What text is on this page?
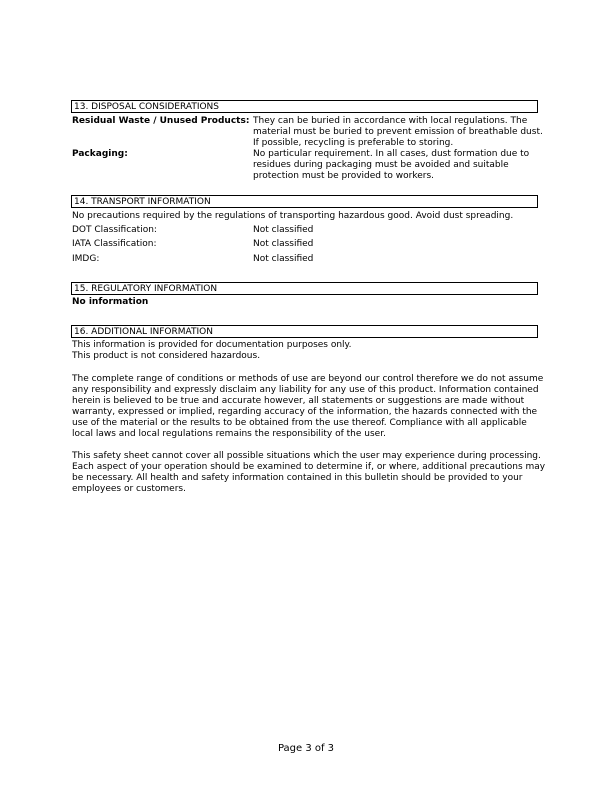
13. DISPOSAL CONSIDERATIONS
Residual Waste / Unused Products: They can be buried in accordance with local regulations. The
material must be buried to prevent emission of breathable dust.
If possible, recycling is preferable to storing.
Packaging:	No particular requirement. In all cases, dust formation due to
residues during packaging must be avoided and suitable
protection must be provided to workers.
14. TRANSPORT INFORMATION
No precautions required by the regulations of transporting hazardous good. Avoid dust spreading.
DOT Classification:	Not classified
IATA Classification:	Not classified
IMDG:	Not classified
15. REGULATORY INFORMATION
No information
16. ADDITIONAL INFORMATION
This information is provided for documentation purposes only.
This product is not considered hazardous.
The complete range of conditions or methods of use are beyond our control therefore we do not assume
any responsibility and expressly disclaim any liability for any use of this product. Information contained
herein is believed to be true and accurate however, all statements or suggestions are made without
warranty, expressed or implied, regarding accuracy of the information, the hazards connected with the
use of the material or the results to be obtained from the use thereof. Compliance with all applicable
local laws and local regulations remains the responsibility of the user.
This safety sheet cannot cover all possible situations which the user may experience during processing.
Each aspect of your operation should be examined to determine if, or where, additional precautions may
be necessary. All health and safety information contained in this bulletin should be provided to your
employees or customers.
Page 3 of 3
